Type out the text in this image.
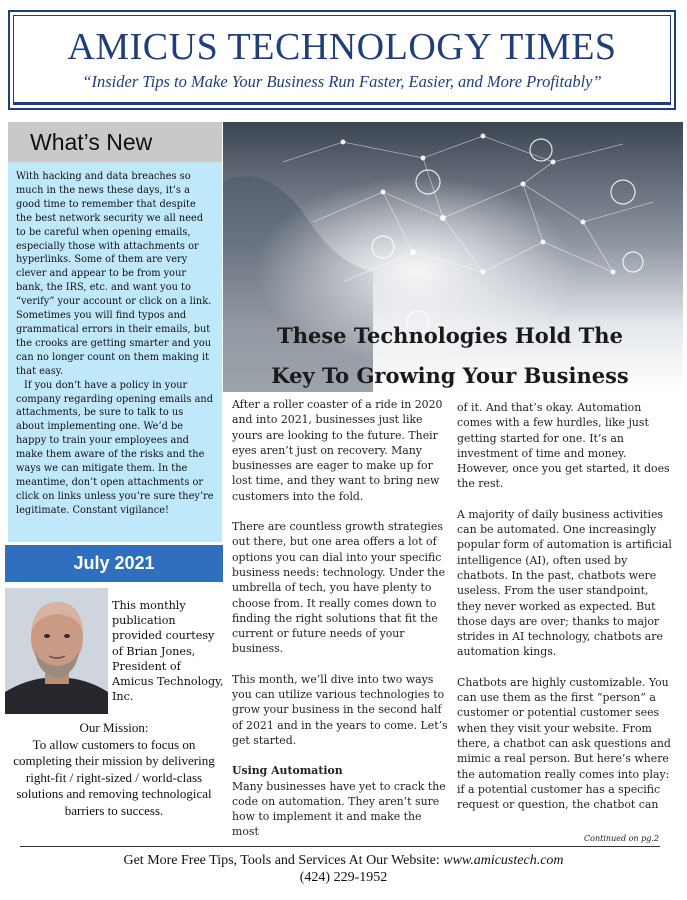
AMICUS TECHNOLOGY TIMES
“Insider Tips to Make Your Business Run Faster, Easier, and More Profitably”
What’s New

With hacking and data breaches so much in the news these days, it’s a good time to remember that despite the best network security we all need to be careful when opening emails, especially those with attachments or hyperlinks. Some of them are very clever and appear to be from your bank, the IRS, etc. and want you to “verify” your account or click on a link. Sometimes you will find typos and grammatical errors in their emails, but the crooks are getting smarter and you can no longer count on them making it that easy.

If you don’t have a policy in your company regarding opening emails and attachments, be sure to talk to us about implementing one. We’d be happy to train your employees and make them aware of the risks and the ways we can mitigate them. In the meantime, don’t open attachments or click on links unless you’re sure they’re legitimate. Constant vigilance!

July 2021
This monthly publication provided courtesy of Brian Jones, President of Amicus Technology, Inc.
Our Mission:
To allow customers to focus on completing their mission by delivering right-fit / right-sized / world-class solutions and removing technological barriers to success.
These Technologies Hold The
Key To Growing Your Business

After a roller coaster of a ride in 2020 and into 2021, businesses just like yours are looking to the future. Their eyes aren’t just on recovery. Many businesses are eager to make up for lost time, and they want to bring new customers into the fold.

There are countless growth strategies out there, but one area offers a lot of options you can dial into your specific business needs: technology. Under the umbrella of tech, you have plenty to choose from. It really comes down to finding the right solutions that fit the current or future needs of your business.

This month, we’ll dive into two ways you can utilize various technologies to grow your business in the second half of 2021 and in the years to come. Let’s get started.

Using Automation

Many businesses have yet to crack the code on automation. They aren’t sure how to implement it and make the most

of it. And that’s okay. Automation comes with a few hurdles, like just getting started for one. It’s an investment of time and money. However, once you get started, it does the rest.

A majority of daily business activities can be automated. One increasingly popular form of automation is artificial intelligence (AI), often used by chatbots. In the past, chatbots were useless. From the user standpoint, they never worked as expected. But those days are over; thanks to major strides in AI technology, chatbots are automation kings.

Chatbots are highly customizable. You can use them as the first “person” a customer or potential customer sees when they visit your website. From there, a chatbot can ask questions and mimic a real person. But here’s where the automation really comes into play: if a potential customer has a specific request or question, the chatbot can

Continued on pg.2
Get More Free Tips, Tools and Services At Our Website: www.amicustech.com
(424) 229-1952
